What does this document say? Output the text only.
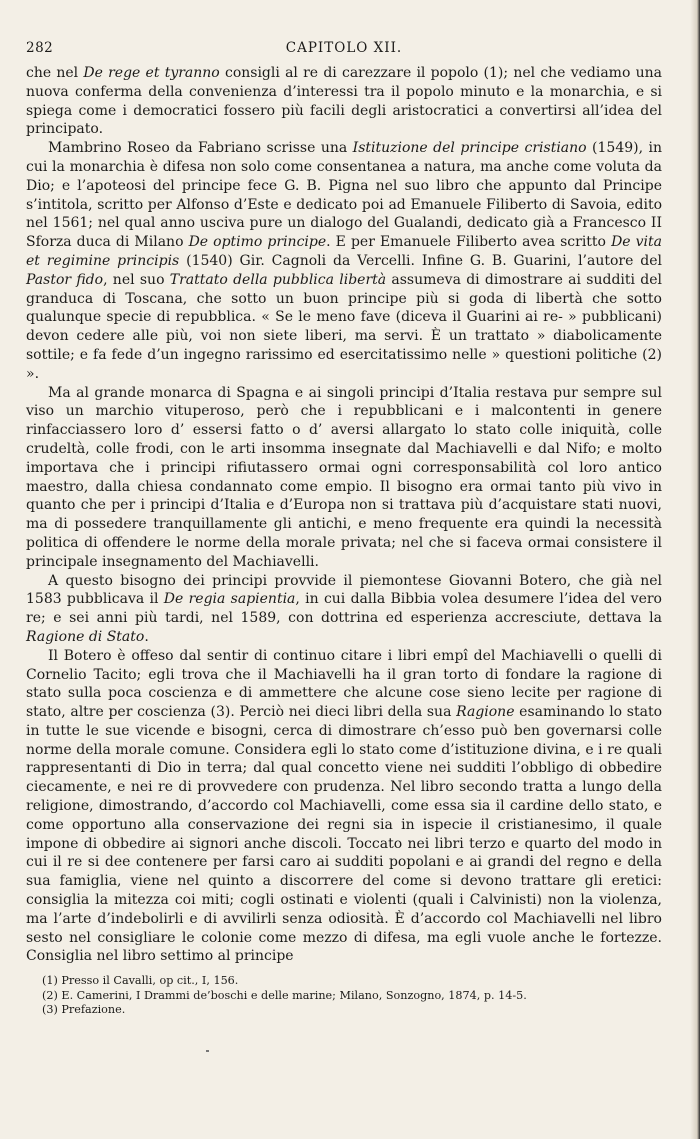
282	CAPITOLO XII.

che nel De rege et tyranno consigli al re di carezzare il popolo (1); nel che vediamo una nuova conferma della convenienza d’interessi tra il popolo minuto e la monarchia, e si spiega come i democratici fossero più facili degli aristocratici a convertirsi all’idea del principato.

Mambrino Roseo da Fabriano scrisse una Istituzione del principe cristiano (1549), in cui la monarchia è difesa non solo come consentanea a natura, ma anche come voluta da Dio; e l’apoteosi del principe fece G. B. Pigna nel suo libro che appunto dal Principe s’intitola, scritto per Alfonso d’Este e dedicato poi ad Emanuele Filiberto di Savoia, edito nel 1561; nel qual anno usciva pure un dialogo del Gualandi, dedicato già a Francesco II Sforza duca di Milano De optimo principe. E per Emanuele Filiberto avea scritto De vita et regimine principis (1540) Gir. Cagnoli da Vercelli. Infine G. B. Guarini, l’autore del Pastor fido, nel suo Trattato della pubblica libertà assumeva di dimostrare ai sudditi del granduca di Toscana, che sotto un buon principe più si goda di libertà che sotto qualunque specie di repubblica. « Se le meno fave (diceva il Guarini ai re- » pubblicani) devon cedere alle più, voi non siete liberi, ma servi. È un trattato » diabolicamente sottile; e fa fede d’un ingegno rarissimo ed esercitatissimo nelle » questioni politiche (2) ».

Ma al grande monarca di Spagna e ai singoli principi d’Italia restava pur sempre sul viso un marchio vituperoso, però che i repubblicani e i malcontenti in genere rinfacciassero loro d’ essersi fatto o d’ aversi allargato lo stato colle iniquità, colle crudeltà, colle frodi, con le arti insomma insegnate dal Machiavelli e dal Nifo; e molto importava che i principi rifiutassero ormai ogni corresponsabilità col loro antico maestro, dalla chiesa condannato come empio. Il bisogno era ormai tanto più vivo in quanto che per i principi d’Italia e d’Europa non si trattava più d’acquistare stati nuovi, ma di possedere tranquillamente gli antichi, e meno frequente era quindi la necessità politica di offendere le norme della morale privata; nel che si faceva ormai consistere il principale insegnamento del Machiavelli.

A questo bisogno dei principi provvide il piemontese Giovanni Botero, che già nel 1583 pubblicava il De regia sapientia, in cui dalla Bibbia volea desumere l’idea del vero re; e sei anni più tardi, nel 1589, con dottrina ed esperienza accresciute, dettava la Ragione di Stato.

Il Botero è offeso dal sentir di continuo citare i libri empî del Machiavelli o quelli di Cornelio Tacito; egli trova che il Machiavelli ha il gran torto di fondare la ragione di stato sulla poca coscienza e di ammettere che alcune cose sieno lecite per ragione di stato, altre per coscienza (3). Perciò nei dieci libri della sua Ragione esaminando lo stato in tutte le sue vicende e bisogni, cerca di dimostrare ch’esso può ben governarsi colle norme della morale comune. Considera egli lo stato come d’istituzione divina, e i re quali rappresentanti di Dio in terra; dal qual concetto viene nei sudditi l’obbligo di obbedire ciecamente, e nei re di provvedere con prudenza. Nel libro secondo tratta a lungo della religione, dimostrando, d’accordo col Machiavelli, come essa sia il cardine dello stato, e come opportuno alla conservazione dei regni sia in ispecie il cristianesimo, il quale impone di obbedire ai signori anche discoli. Toccato nei libri terzo e quarto del modo in cui il re si dee contenere per farsi caro ai sudditi popolani e ai grandi del regno e della sua famiglia, viene nel quinto a discorrere del come si devono trattare gli eretici: consiglia la mitezza coi miti; cogli ostinati e violenti (quali i Calvinisti) non la violenza, ma l’arte d’indebolirli e di avvilirli senza odiosità. È d’accordo col Machiavelli nel libro sesto nel consigliare le colonie come mezzo di difesa, ma egli vuole anche le fortezze. Consiglia nel libro settimo al principe

(1) Presso il Cavalli, op cit., I, 156.
(2) E. Camerini, I Drammi de’boschi e delle marine; Milano, Sonzogno, 1874, p. 14-5.
(3) Prefazione.
